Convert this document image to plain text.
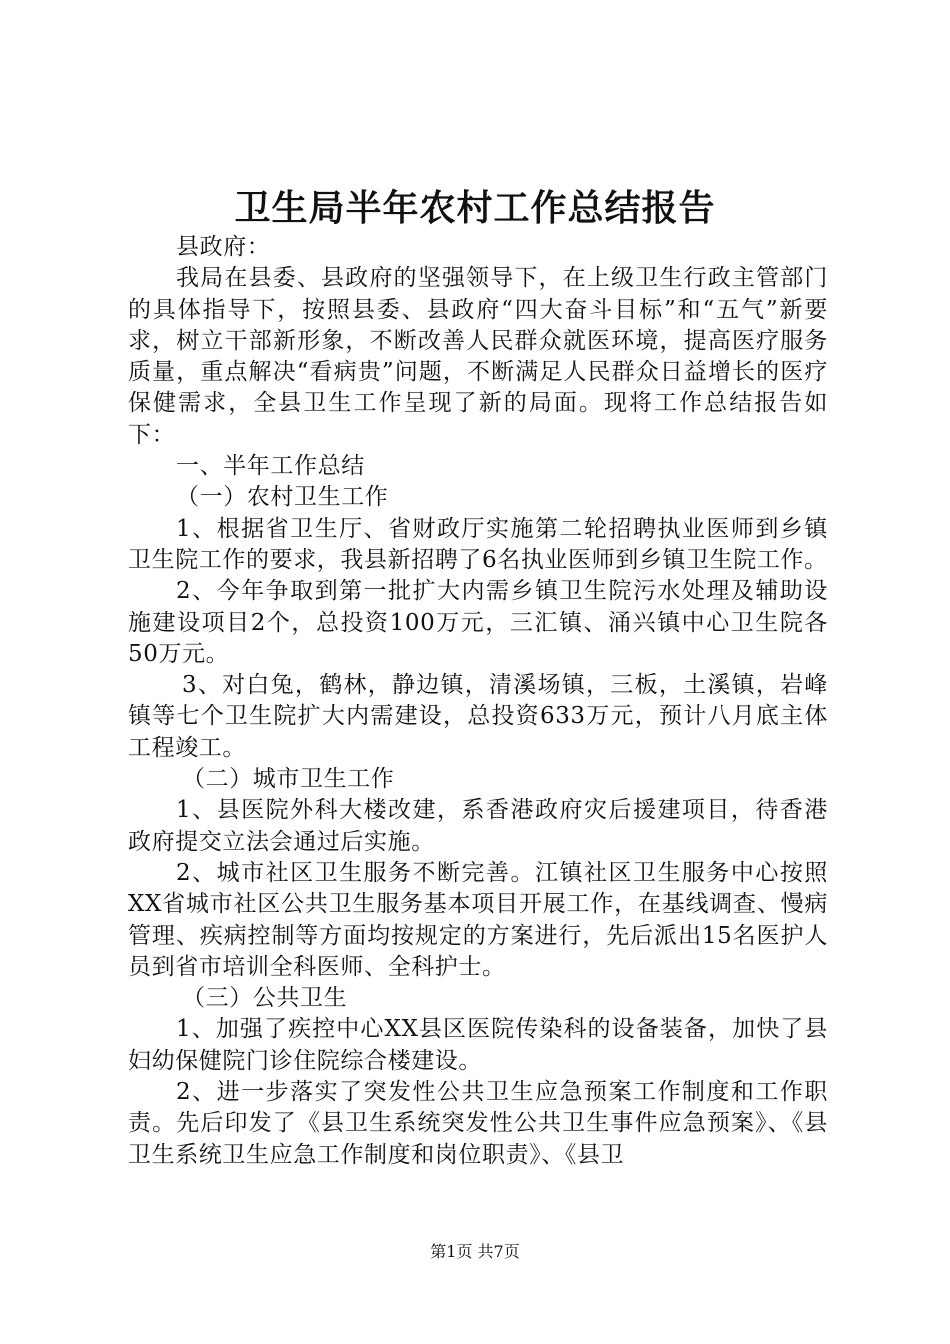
卫生局半年农村工作总结报告

县政府：

我局在县委、县政府的坚强领导下，在上级卫生行政主管部门的具体指导下，按照县委、县政府“四大奋斗目标”和“五气”新要求，树立干部新形象，不断改善人民群众就医环境，提高医疗服务质量，重点解决“看病贵”问题，不断满足人民群众日益增长的医疗保健需求，全县卫生工作呈现了新的局面。现将工作总结报告如下：

一、半年工作总结

（一）农村卫生工作

1、根据省卫生厅、省财政厅实施第二轮招聘执业医师到乡镇卫生院工作的要求，我县新招聘了6名执业医师到乡镇卫生院工作。

2、今年争取到第一批扩大内需乡镇卫生院污水处理及辅助设施建设项目2个，总投资100万元，三汇镇、涌兴镇中心卫生院各50万元。

3、对白兔，鹤林，静边镇，清溪场镇，三板，土溪镇，岩峰镇等七个卫生院扩大内需建设，总投资633万元，预计八月底主体工程竣工。

（二）城市卫生工作

1、县医院外科大楼改建，系香港政府灾后援建项目，待香港政府提交立法会通过后实施。

2、城市社区卫生服务不断完善。江镇社区卫生服务中心按照XX省城市社区公共卫生服务基本项目开展工作，在基线调查、慢病管理、疾病控制等方面均按规定的方案进行，先后派出15名医护人员到省市培训全科医师、全科护士。

（三）公共卫生

1、加强了疾控中心XX县区医院传染科的设备装备，加快了县妇幼保健院门诊住院综合楼建设。

2、进一步落实了突发性公共卫生应急预案工作制度和工作职责。先后印发了《县卫生系统突发性公共卫生事件应急预案》、《县卫生系统卫生应急工作制度和岗位职责》、《县卫

第1页 共7页
